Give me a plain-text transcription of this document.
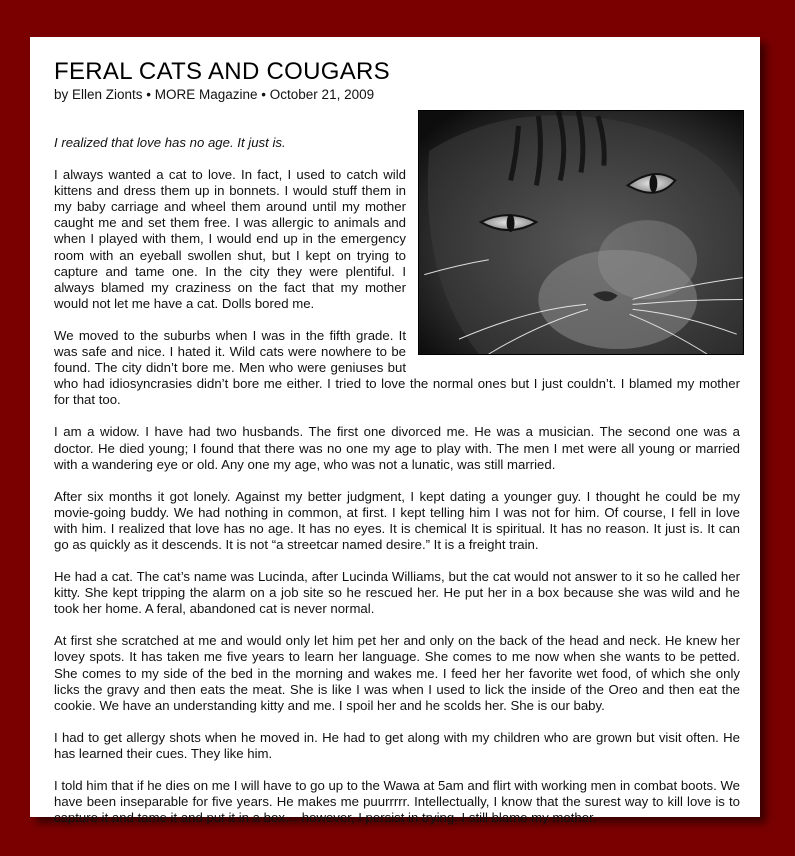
FERAL CATS AND COUGARS
by Ellen Zionts • MORE Magazine • October 21, 2009

I realized that love has no age. It just is.

I always wanted a cat to love. In fact, I used to catch wild kittens and dress them up in bonnets. I would stuff them in my baby carriage and wheel them around until my mother caught me and set them free. I was allergic to animals and when I played with them, I would end up in the emergency room with an eyeball swollen shut, but I kept on trying to capture and tame one. In the city they were plentiful. I always blamed my craziness on the fact that my mother would not let me have a cat. Dolls bored me.

We moved to the suburbs when I was in the fifth grade. It was safe and nice. I hated it. Wild cats were nowhere to be found. The city didn’t bore me. Men who were geniuses but who had idiosyncrasies didn’t bore me either. I tried to love the normal ones but I just couldn’t. I blamed my mother for that too.

I am a widow. I have had two husbands. The first one divorced me. He was a musician. The second one was a doctor. He died young; I found that there was no one my age to play with. The men I met were all young or married with a wandering eye or old. Any one my age, who was not a lunatic, was still married.

After six months it got lonely. Against my better judgment, I kept dating a younger guy. I thought he could be my movie-going buddy. We had nothing in common, at first. I kept telling him I was not for him. Of course, I fell in love with him. I realized that love has no age. It has no eyes. It is chemical It is spiritual. It has no reason. It just is. It can go as quickly as it descends. It is not “a streetcar named desire.” It is a freight train.

He had a cat. The cat’s name was Lucinda, after Lucinda Williams, but the cat would not answer to it so he called her kitty. She kept tripping the alarm on a job site so he rescued her. He put her in a box because she was wild and he took her home. A feral, abandoned cat is never normal.

At first she scratched at me and would only let him pet her and only on the back of the head and neck. He knew her lovey spots. It has taken me five years to learn her language. She comes to me now when she wants to be petted. She comes to my side of the bed in the morning and wakes me. I feed her her favorite wet food, of which she only licks the gravy and then eats the meat. She is like I was when I used to lick the inside of the Oreo and then eat the cookie. We have an understanding kitty and me. I spoil her and he scolds her. She is our baby.

I had to get allergy shots when he moved in. He had to get along with my children who are grown but visit often. He has learned their cues. They like him.

I told him that if he dies on me I will have to go up to the Wawa at 5am and flirt with working men in combat boots. We have been inseparable for five years. He makes me puurrrrr. Intellectually, I know that the surest way to kill love is to capture it and tame it and put it in a box… however, I persist in trying. I still blame my mother.
